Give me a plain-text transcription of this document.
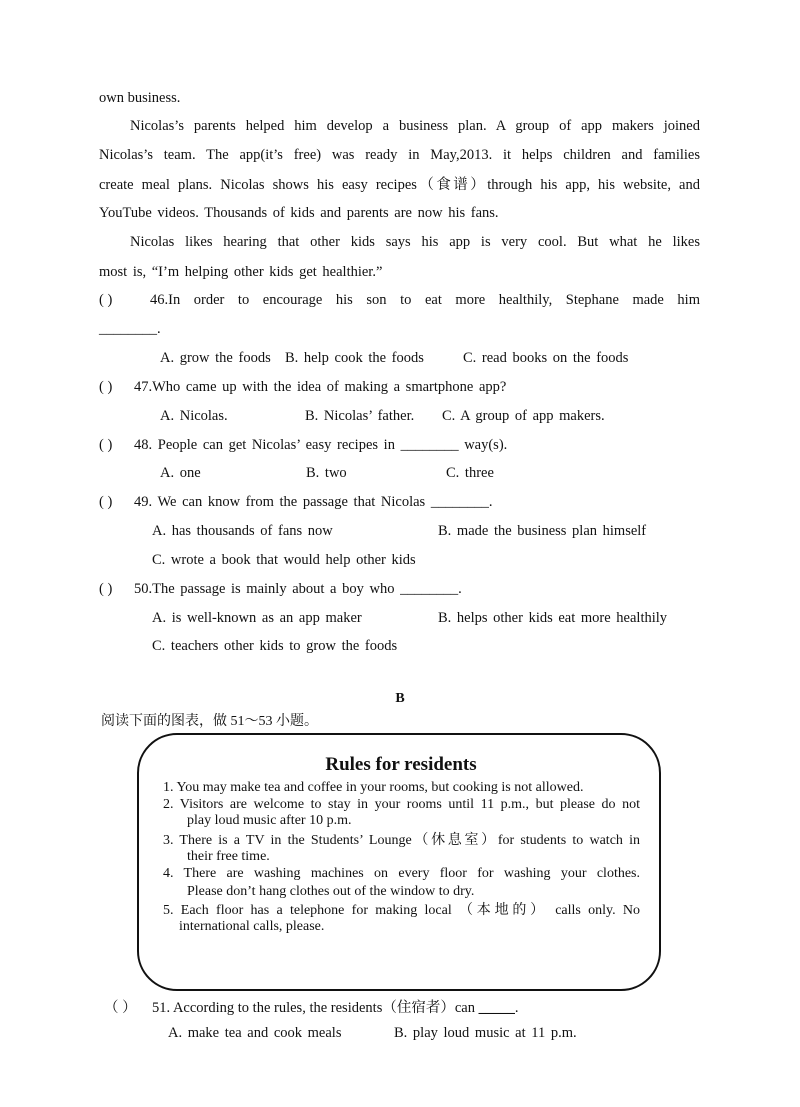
own business.
Nicolas’s parents helped him develop a business plan. A group of app makers joined
Nicolas’s team. The app(it’s free) was ready in May,2013. it helps children and families
create meal plans. Nicolas shows his easy recipes（食谱）through his app, his website, and
YouTube videos. Thousands of kids and parents are now his fans.
Nicolas likes hearing that other kids says his app is very cool. But what he likes
most is, “I’m helping other kids get healthier.”
( )	46.In order to encourage his son to eat more healthily, Stephane made him
________.
A. grow the foods B. help cook the foods	C. read books on the foods
( ) 47.Who came up with the idea of making a smartphone app?
A. Nicolas.	B. Nicolas’ father. C. A group of app makers.
( ) 48. People can get Nicolas’ easy recipes in ________ way(s).
A. one	B. two	C. three
( ) 49. We can know from the passage that Nicolas ________.
A. has thousands of fans now	B. made the business plan himself
C. wrote a book that would help other kids
( ) 50.The passage is mainly about a boy who ________.
A. is well-known as an app maker	B. helps other kids eat more healthily
C. teachers other kids to grow the foods
B
阅读下面的图表，做 51～53 小题。
Rules for residents
1. You may make tea and coffee in your rooms, but cooking is not allowed.
2. Visitors are welcome to stay in your rooms until 11 p.m., but please do not
play loud music after 10 p.m.
3. There is a TV in the Students’ Lounge（休息室）for students to watch in
their free time.
4. There are washing machines on every floor for washing your clothes.
Please don’t hang clothes out of the window to dry.
5. Each floor has a telephone for making local （本地的） calls only. No
international calls, please.
（ ） 51. According to the rules, the residents（住宿者）can _____.
A. make tea and cook meals	B. play loud music at 11 p.m.
